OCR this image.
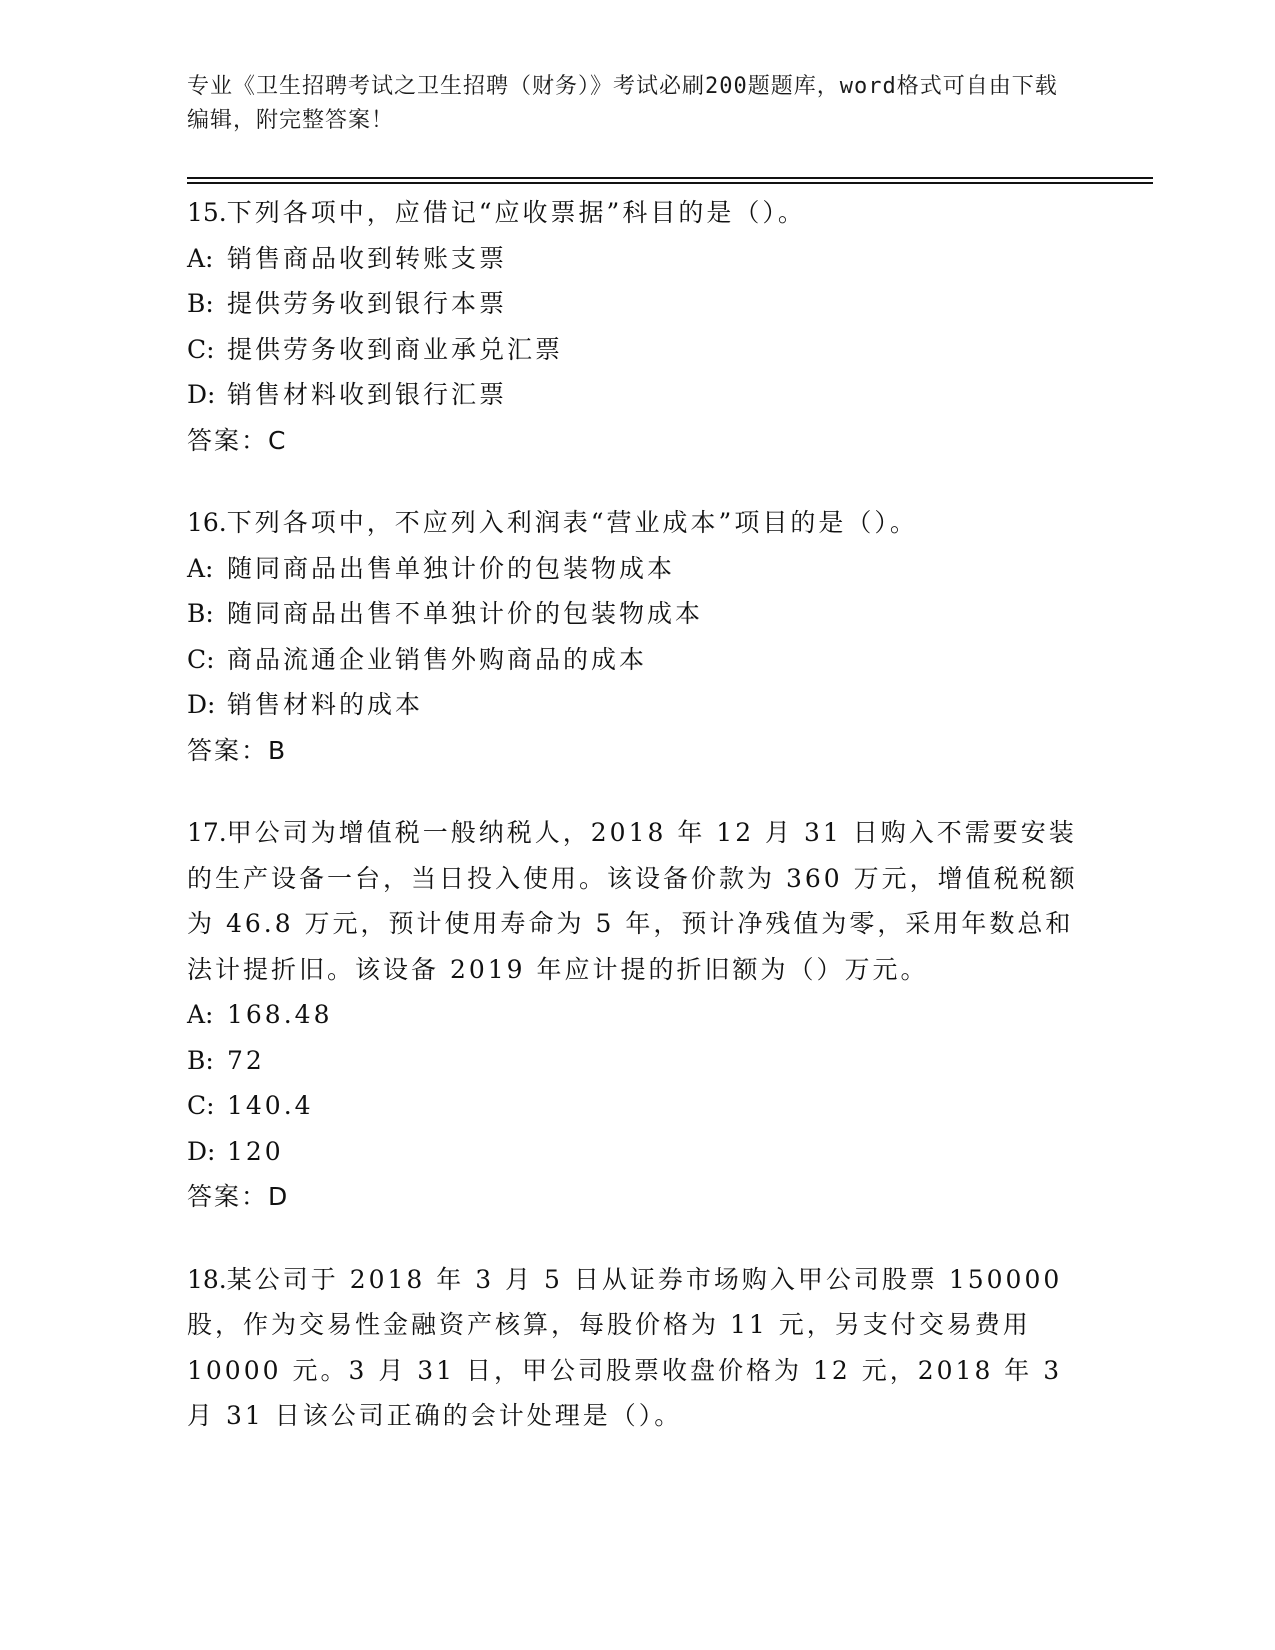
专业《卫生招聘考试之卫生招聘（财务）》考试必刷200题题库，word格式可自由下载编辑，附完整答案！
15.下列各项中，应借记“应收票据”科目的是（）。
A: 销售商品收到转账支票
B: 提供劳务收到银行本票
C: 提供劳务收到商业承兑汇票
D: 销售材料收到银行汇票
答案：C
16.下列各项中，不应列入利润表“营业成本”项目的是（）。
A: 随同商品出售单独计价的包装物成本
B: 随同商品出售不单独计价的包装物成本
C: 商品流通企业销售外购商品的成本
D: 销售材料的成本
答案：B
17.甲公司为增值税一般纳税人，2018 年 12 月 31 日购入不需要安装的生产设备一台，当日投入使用。该设备价款为 360 万元，增值税税额为 46.8 万元，预计使用寿命为 5 年，预计净残值为零，采用年数总和法计提折旧。该设备 2019 年应计提的折旧额为（）万元。
A: 168.48
B: 72
C: 140.4
D: 120
答案：D
18.某公司于 2018 年 3 月 5 日从证券市场购入甲公司股票 150000 股，作为交易性金融资产核算，每股价格为 11 元，另支付交易费用 10000 元。3 月 31 日，甲公司股票收盘价格为 12 元，2018 年 3 月 31 日该公司正确的会计处理是（）。
